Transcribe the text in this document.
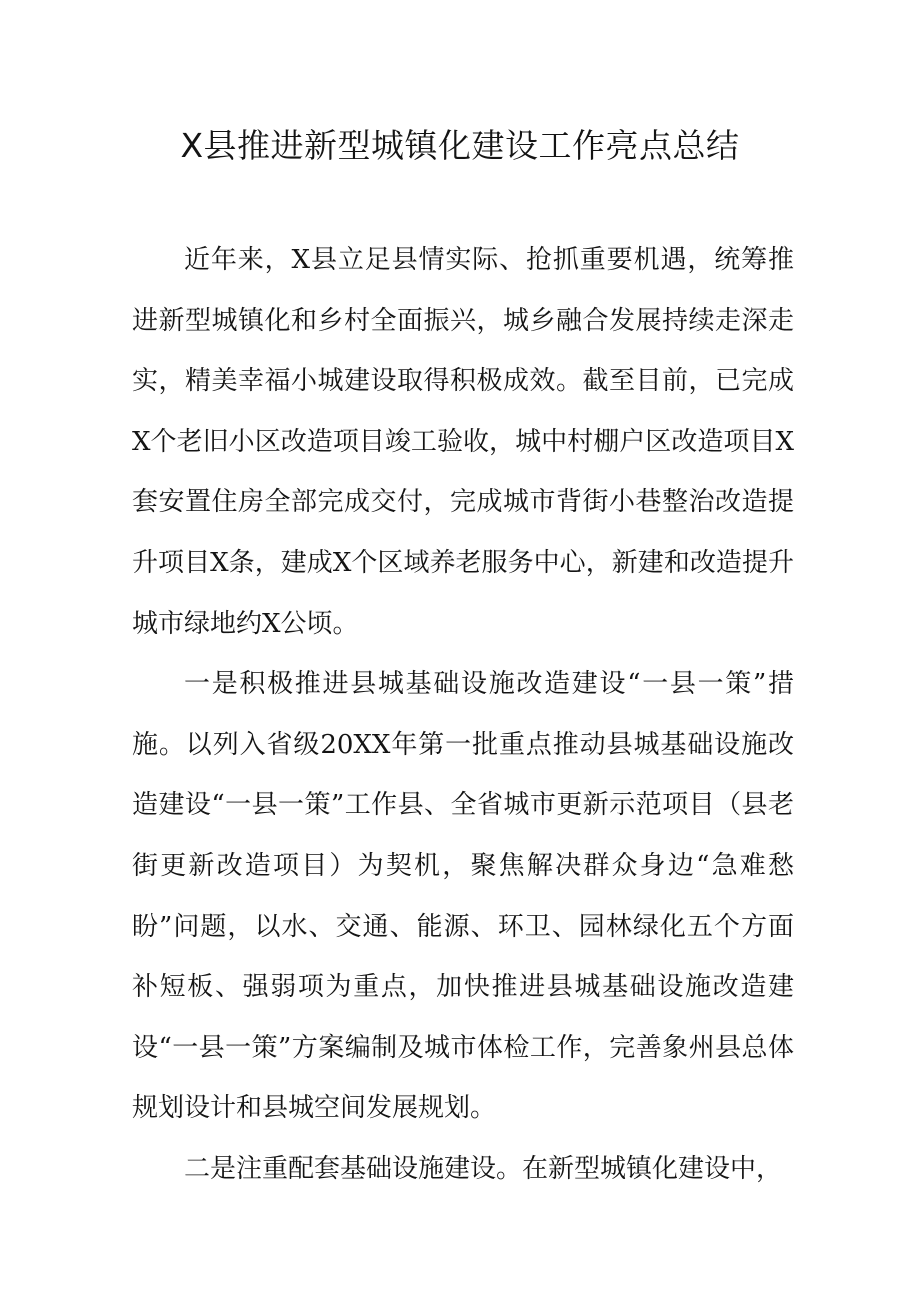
X县推进新型城镇化建设工作亮点总结

近年来，X县立足县情实际、抢抓重要机遇，统筹推进新型城镇化和乡村全面振兴，城乡融合发展持续走深走实，精美幸福小城建设取得积极成效。截至目前，已完成X个老旧小区改造项目竣工验收，城中村棚户区改造项目X套安置住房全部完成交付，完成城市背街小巷整治改造提升项目X条，建成X个区域养老服务中心，新建和改造提升城市绿地约X公顷。

一是积极推进县城基础设施改造建设“一县一策”措施。以列入省级20XX年第一批重点推动县城基础设施改造建设“一县一策”工作县、全省城市更新示范项目（县老街更新改造项目）为契机，聚焦解决群众身边“急难愁盼”问题，以水、交通、能源、环卫、园林绿化五个方面补短板、强弱项为重点，加快推进县城基础设施改造建设“一县一策”方案编制及城市体检工作，完善象州县总体规划设计和县城空间发展规划。

二是注重配套基础设施建设。在新型城镇化建设中，
